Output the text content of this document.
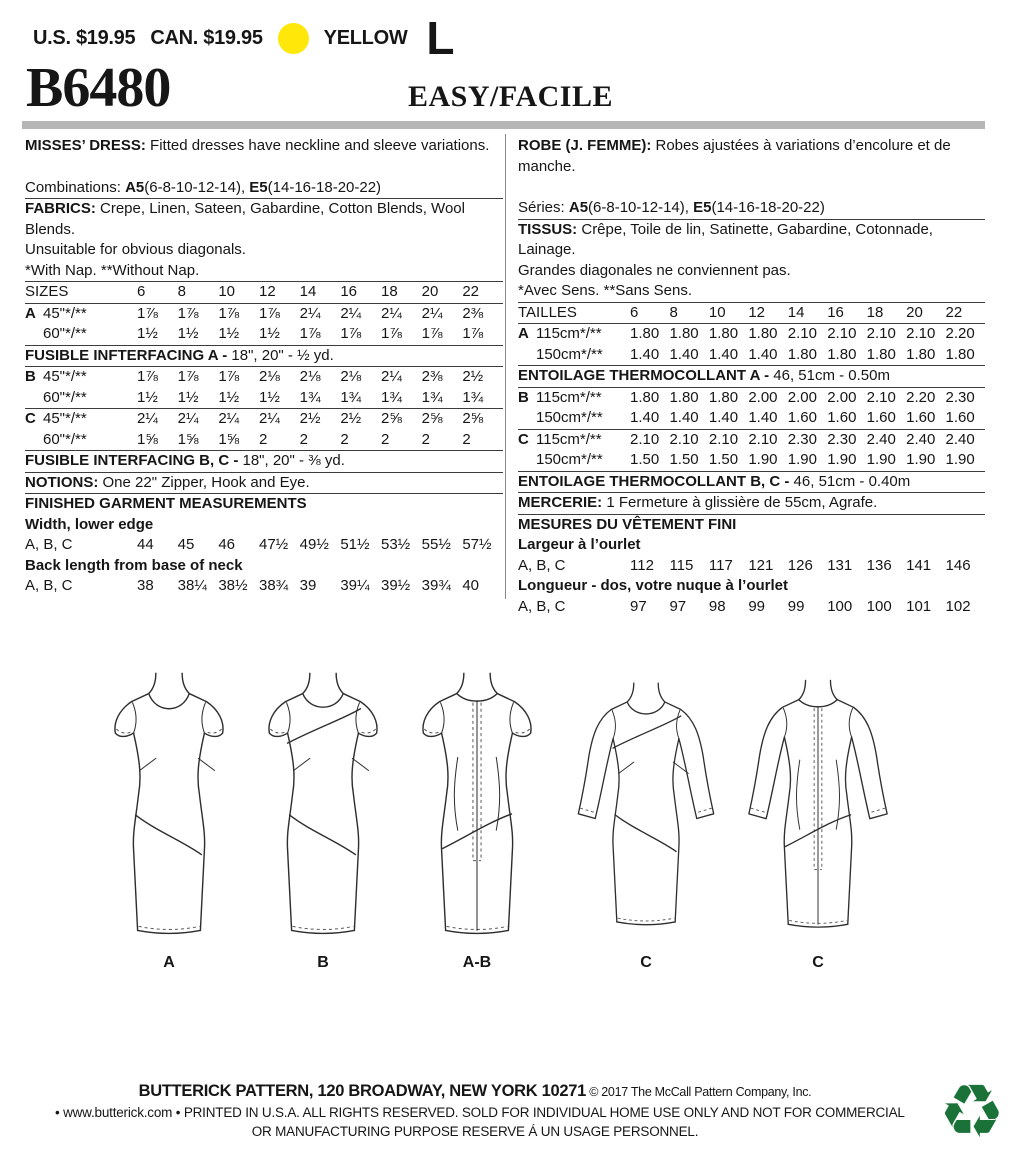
U.S. $19.95 CAN. $19.95	YELLOW L
B6480	EASY/FACILE
MISSES’ DRESS: Fitted dresses have neckline and sleeve variations.
Combinations: A5(6-8-10-12-14), E5(14-16-18-20-22)
FABRICS: Crepe, Linen, Sateen, Gabardine, Cotton Blends, Wool Blends.
Unsuitable for obvious diagonals.
*With Nap. **Without Nap.
SIZES	6	8	10	12	14	16	18	20	22
A 45"*/**	1⅞	1⅞	1⅞	1⅞	2¼	2¼	2¼	2¼	2⅜
60"*/**	1½	1½	1½	1½	1⅞	1⅞	1⅞	1⅞	1⅞
FUSIBLE INFTERFACING A - 18", 20" - ½ yd.
B 45"*/**	1⅞	1⅞	1⅞	2⅛	2⅛	2⅛	2¼	2⅜	2½
60"*/**	1½	1½	1½	1½	1¾	1¾	1¾	1¾	1¾
C 45"*/**	2¼	2¼	2¼	2¼	2½	2½	2⅝	2⅝	2⅝
60"*/**	1⅝	1⅝	1⅝	2	2	2	2	2	2
FUSIBLE INTERFACING B, C - 18", 20" - ⅜ yd.
NOTIONS: One 22" Zipper, Hook and Eye.
FINISHED GARMENT MEASUREMENTS
Width, lower edge
A, B, C	44	45	46	47½ 49½ 51½ 53½ 55½ 57½
Back length from base of neck
A, B, C	38	38¼ 38½ 38¾ 39	39¼ 39½ 39¾ 40
ROBE (J. FEMME): Robes ajustées à variations d’encolure et de manche.
Séries: A5(6-8-10-12-14), E5(14-16-18-20-22)
TISSUS: Crêpe, Toile de lin, Satinette, Gabardine, Cotonnade, Lainage.
Grandes diagonales ne conviennent pas.
*Avec Sens. **Sans Sens.
TAILLES	6	8	10	12	14	16	18	20	22
A 115cm*/**	1.80 1.80 1.80 1.80 2.10 2.10 2.10 2.10 2.20
150cm*/**	1.40 1.40 1.40 1.40 1.80 1.80 1.80 1.80 1.80
ENTOILAGE THERMOCOLLANT A - 46, 51cm - 0.50m
B 115cm*/**	1.80 1.80 1.80 2.00 2.00 2.00 2.10 2.20 2.30
150cm*/**	1.40 1.40 1.40 1.40 1.60 1.60 1.60 1.60 1.60
C 115cm*/**	2.10 2.10 2.10 2.10 2.30 2.30 2.40 2.40 2.40
150cm*/**	1.50 1.50 1.50 1.90 1.90 1.90 1.90 1.90 1.90
ENTOILAGE THERMOCOLLANT B, C - 46, 51cm - 0.40m
MERCERIE: 1 Fermeture à glissière de 55cm, Agrafe.
MESURES DU VÊTEMENT FINI
Largeur à l’ourlet
A, B, C	112	115	117	121 126 131 136 141 146
Longueur - dos, votre nuque à l’ourlet
A, B, C	97	97	98	99	99	100 100 101 102
A	B	A-B	C	C
BUTTERICK PATTERN, 120 BROADWAY, NEW YORK 10271 © 2017 The McCall Pattern Company, Inc.
• www.butterick.com • PRINTED IN U.S.A. ALL RIGHTS RESERVED. SOLD FOR INDIVIDUAL HOME USE ONLY AND NOT FOR COMMERCIAL
OR MANUFACTURING PURPOSE RESERVE Á UN USAGE PERSONNEL.	♻
